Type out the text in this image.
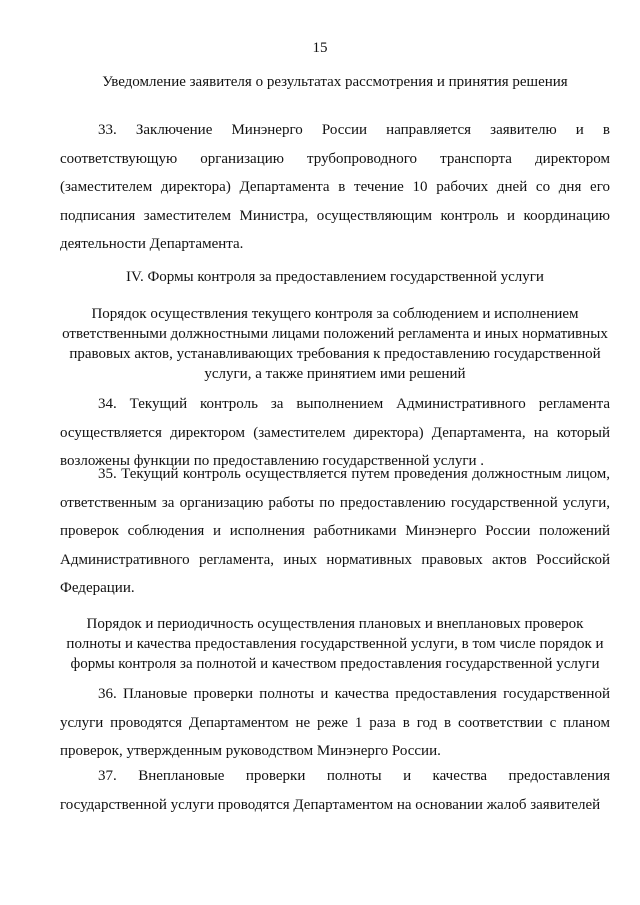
15
Уведомление заявителя о результатах рассмотрения и принятия решения
33. Заключение Минэнерго России направляется заявителю и в соответствующую организацию трубопроводного транспорта директором (заместителем директора) Департамента в течение 10 рабочих дней со дня его подписания заместителем Министра, осуществляющим контроль и координацию деятельности Департамента.
IV. Формы контроля за предоставлением государственной услуги
Порядок осуществления текущего контроля за соблюдением и исполнением ответственными должностными лицами положений регламента и иных нормативных правовых актов, устанавливающих требования к предоставлению государственной услуги, а также принятием ими решений
34. Текущий контроль за выполнением Административного регламента осуществляется директором (заместителем директора) Департамента, на который возложены функции по предоставлению государственной услуги .
35. Текущий контроль осуществляется путем проведения должностным лицом, ответственным за организацию работы по предоставлению государственной услуги, проверок соблюдения и исполнения работниками Минэнерго России положений Административного регламента, иных нормативных правовых актов Российской Федерации.
Порядок и периодичность осуществления плановых и внеплановых проверок полноты и качества предоставления государственной услуги, в том числе порядок и формы контроля за полнотой и качеством предоставления государственной услуги
36. Плановые проверки полноты и качества предоставления государственной услуги проводятся Департаментом не реже 1 раза в год в соответствии с планом проверок, утвержденным руководством Минэнерго России.
37. Внеплановые проверки полноты и качества предоставления государственной услуги проводятся Департаментом на основании жалоб заявителей
